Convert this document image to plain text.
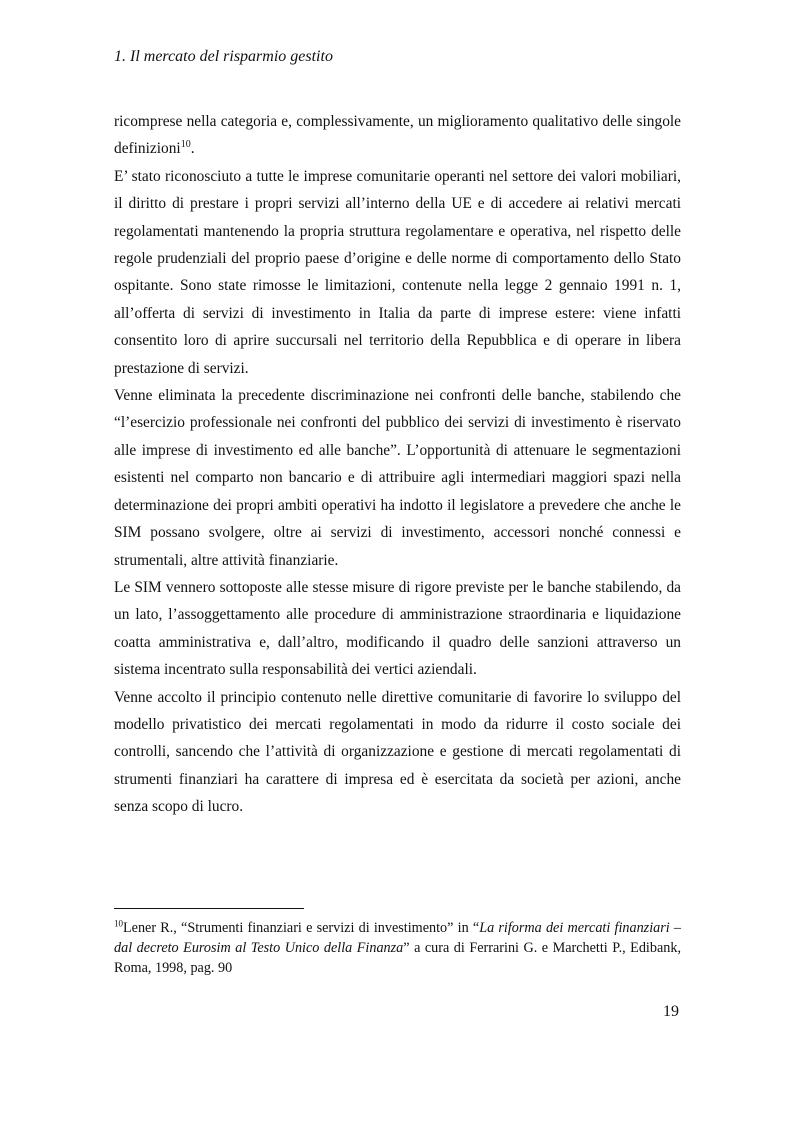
1. Il mercato del risparmio gestito

ricomprese nella categoria e, complessivamente, un miglioramento qualitativo delle singole definizioni$^{10}$.

E’ stato riconosciuto a tutte le imprese comunitarie operanti nel settore dei valori mobiliari, il diritto di prestare i propri servizi all’interno della UE e di accedere ai relativi mercati regolamentati mantenendo la propria struttura regolamentare e operativa, nel rispetto delle regole prudenziali del proprio paese d’origine e delle norme di comportamento dello Stato ospitante. Sono state rimosse le limitazioni, contenute nella legge 2 gennaio 1991 n. 1, all’offerta di servizi di investimento in Italia da parte di imprese estere: viene infatti consentito loro di aprire succursali nel territorio della Repubblica e di operare in libera prestazione di servizi.

Venne eliminata la precedente discriminazione nei confronti delle banche, stabilendo che “l’esercizio professionale nei confronti del pubblico dei servizi di investimento è riservato alle imprese di investimento ed alle banche”. L’opportunità di attenuare le segmentazioni esistenti nel comparto non bancario e di attribuire agli intermediari maggiori spazi nella determinazione dei propri ambiti operativi ha indotto il legislatore a prevedere che anche le SIM possano svolgere, oltre ai servizi di investimento, accessori nonché connessi e strumentali, altre attività finanziarie.

Le SIM vennero sottoposte alle stesse misure di rigore previste per le banche stabilendo, da un lato, l’assoggettamento alle procedure di amministrazione straordinaria e liquidazione coatta amministrativa e, dall’altro, modificando il quadro delle sanzioni attraverso un sistema incentrato sulla responsabilità dei vertici aziendali.

Venne accolto il principio contenuto nelle direttive comunitarie di favorire lo sviluppo del modello privatistico dei mercati regolamentati in modo da ridurre il costo sociale dei controlli, sancendo che l’attività di organizzazione e gestione di mercati regolamentati di strumenti finanziari ha carattere di impresa ed è esercitata da società per azioni, anche senza scopo di lucro.

$^{10}$Lener R., “Strumenti finanziari e servizi di investimento” in “La riforma dei mercati finanziari – dal decreto Eurosim al Testo Unico della Finanza” a cura di Ferrarini G. e Marchetti P., Edibank, Roma, 1998, pag. 90
19
